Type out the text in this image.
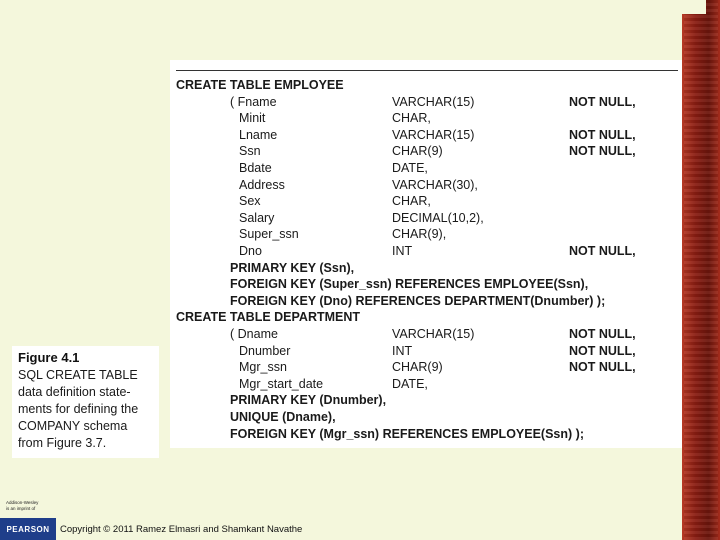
CREATE TABLE EMPLOYEE
( Fname	VARCHAR(15)	NOT NULL,
Minit	CHAR,
Lname	VARCHAR(15)	NOT NULL,
Ssn	CHAR(9)	NOT NULL,
Bdate	DATE,
Address	VARCHAR(30),
Sex	CHAR,
Salary	DECIMAL(10,2),
Super_ssn	CHAR(9),
Dno	INT	NOT NULL,
PRIMARY KEY (Ssn),
FOREIGN KEY (Super_ssn) REFERENCES EMPLOYEE(Ssn),
FOREIGN KEY (Dno) REFERENCES DEPARTMENT(Dnumber) );
CREATE TABLE DEPARTMENT
( Dname	VARCHAR(15)	NOT NULL,
Dnumber	INT	NOT NULL,
Mgr_ssn	CHAR(9)	NOT NULL,
Mgr_start_date	DATE,
PRIMARY KEY (Dnumber),
UNIQUE (Dname),
FOREIGN KEY (Mgr_ssn) REFERENCES EMPLOYEE(Ssn) );
Figure 4.1
SQL CREATE TABLE
data definition state-
ments for defining the
COMPANY schema
from Figure 3.7.
Addison-Wesley
is an imprint of
PEARSON	Copyright © 2011 Ramez Elmasri and Shamkant Navathe
